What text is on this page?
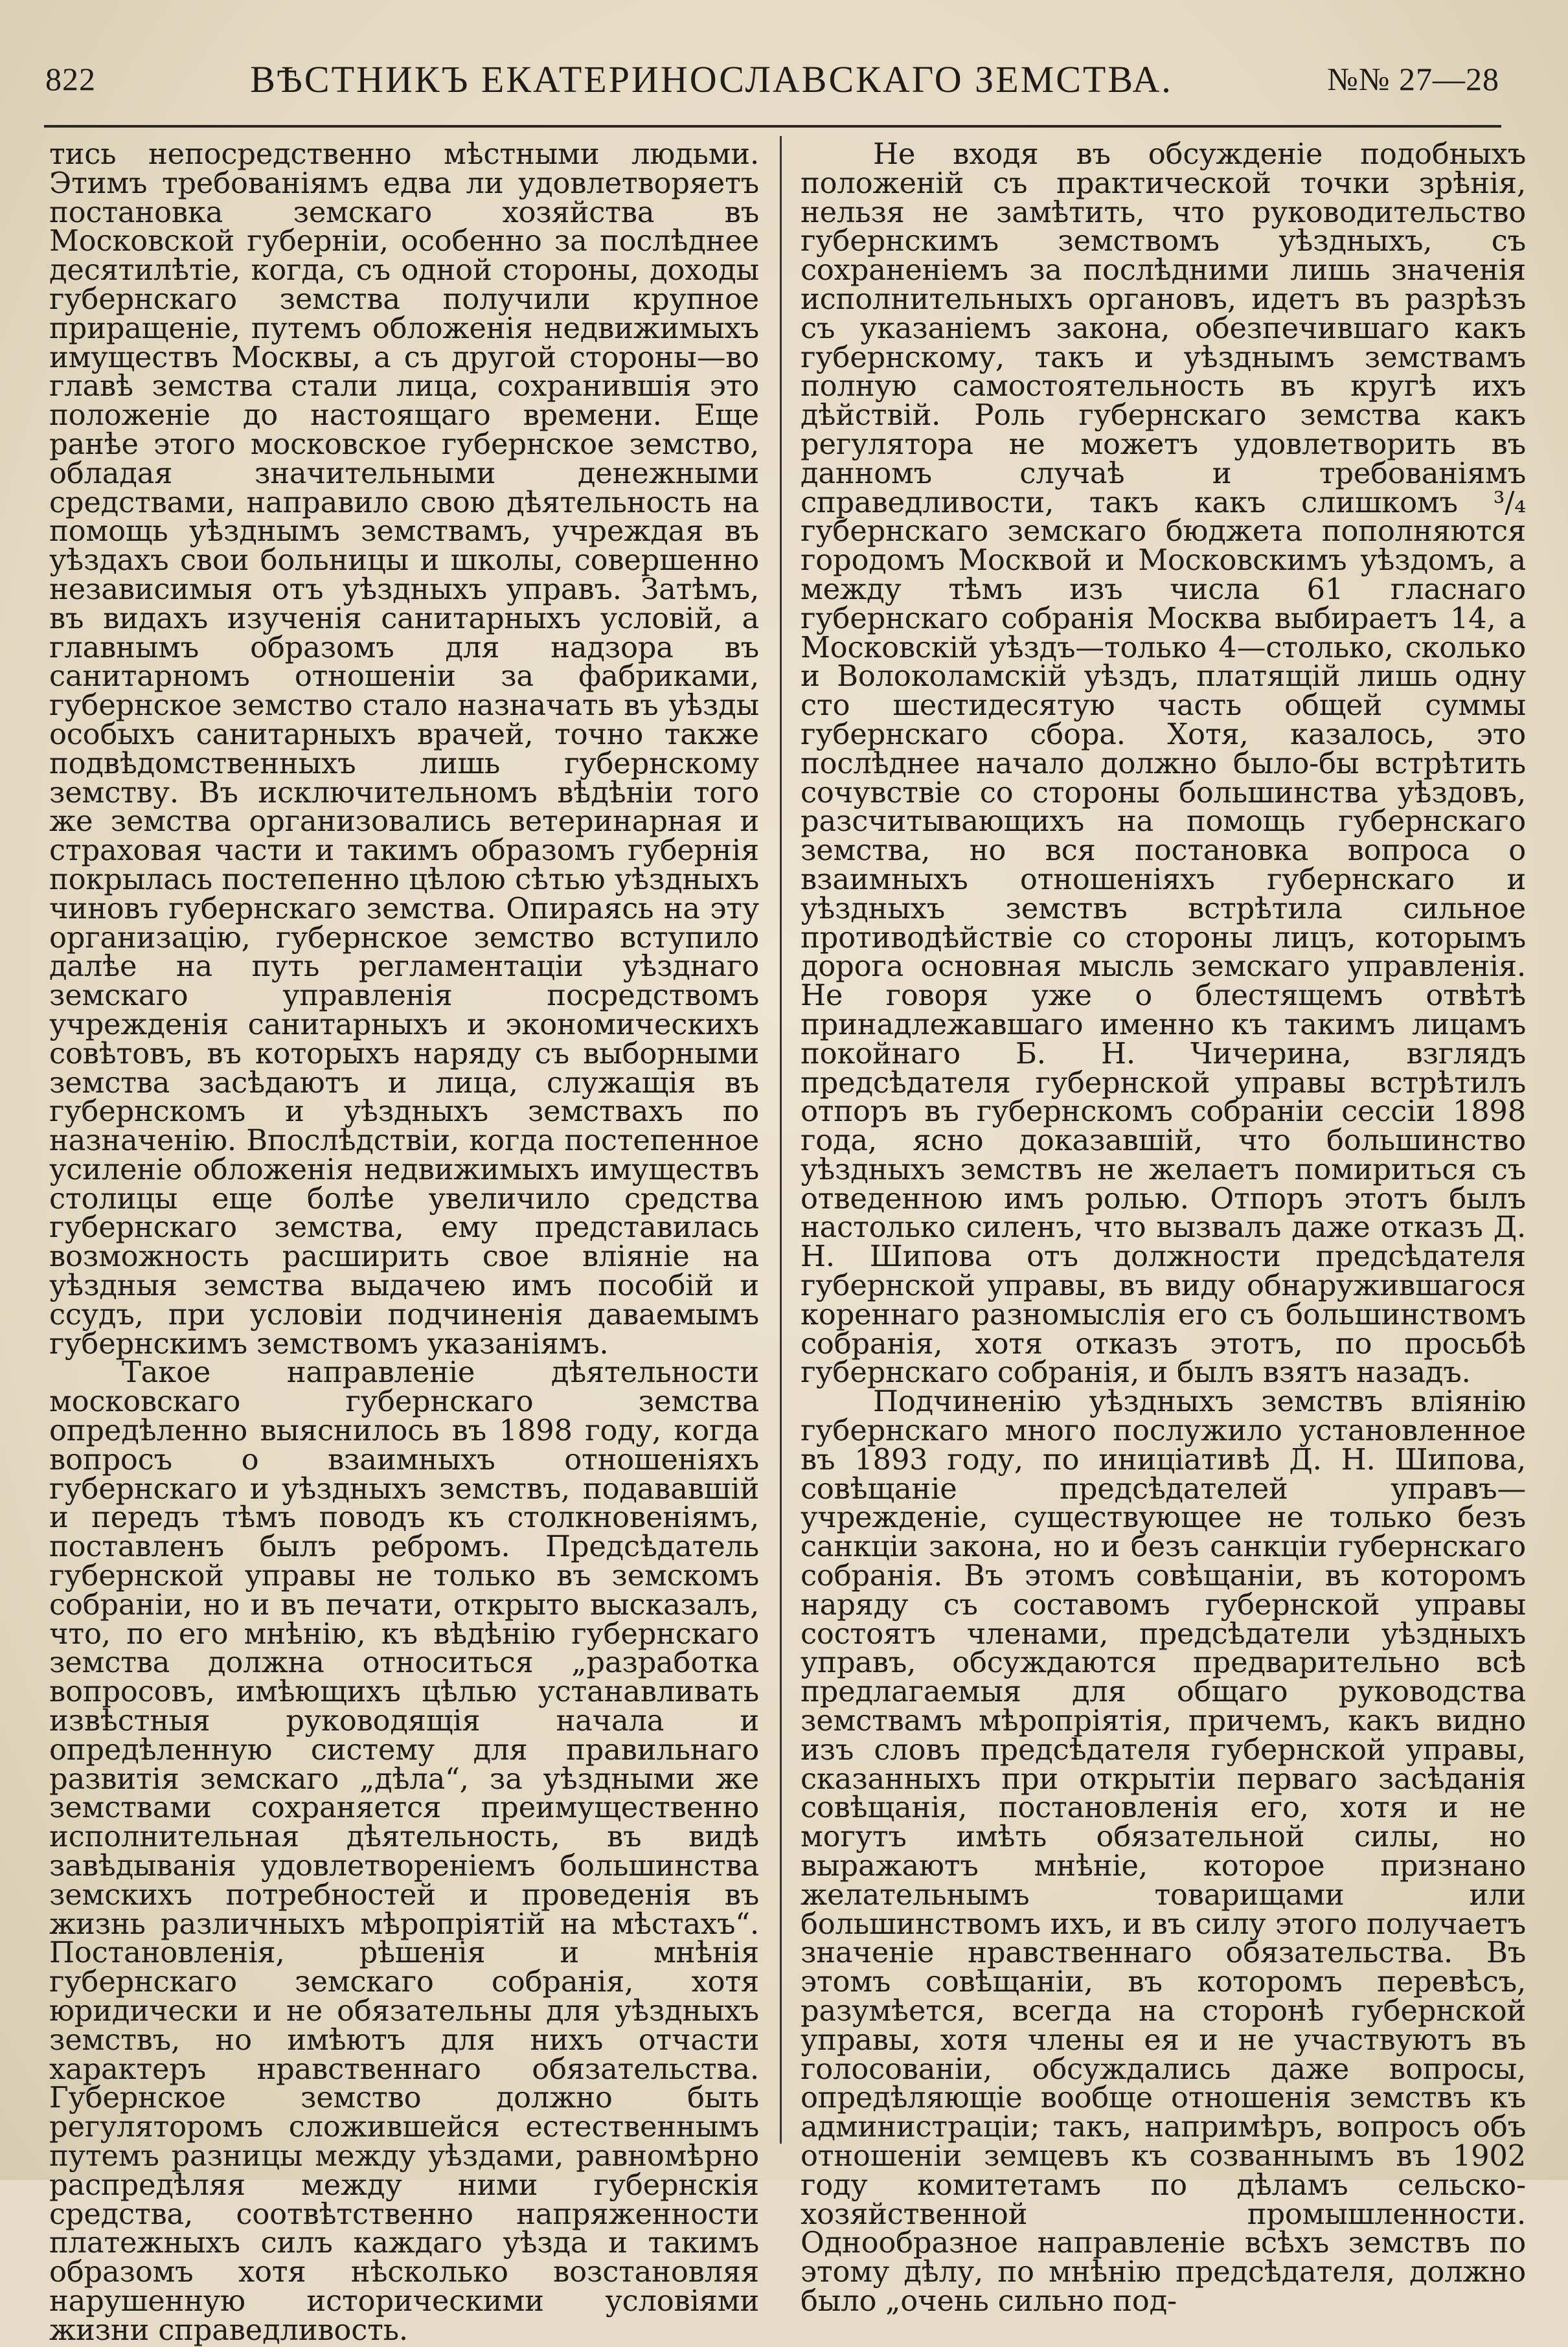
822	ВѢСТНИКЪ ЕКАТЕРИНОСЛАВСКАГО ЗЕМСТВА.	№№ 27—28

тись непосредственно мѣстными людьми. Этимъ требованіямъ едва ли удовлетворяетъ постановка земскаго хозяйства въ Московской губерніи, особенно за послѣднее десятилѣтіе, когда, съ одной стороны, доходы губернскаго земства получили крупное приращеніе, путемъ обложенія недвижимыхъ имуществъ Москвы, а съ другой стороны—во главѣ земства стали лица, сохранившія это положеніе до настоящаго времени. Еще ранѣе этого московское губернское земство, обладая значительными денежными средствами, направило свою дѣятельность на помощь уѣзднымъ земствамъ, учреждая въ уѣздахъ свои больницы и школы, совершенно независимыя отъ уѣздныхъ управъ. Затѣмъ, въ видахъ изученія санитарныхъ условій, а главнымъ образомъ для надзора въ санитарномъ отношеніи за фабриками, губернское земство стало назначать въ уѣзды особыхъ санитарныхъ врачей, точно также подвѣдомственныхъ лишь губернскому земству. Въ исключительномъ вѣдѣніи того же земства организовались ветеринарная и страховая части и такимъ образомъ губернія покрылась постепенно цѣлою сѣтью уѣздныхъ чиновъ губернскаго земства. Опираясь на эту организацію, губернское земство вступило далѣе на путь регламентаціи уѣзднаго земскаго управленія посредствомъ учрежденія санитарныхъ и экономическихъ совѣтовъ, въ которыхъ наряду съ выборными земства засѣдаютъ и лица, служащія въ губернскомъ и уѣздныхъ земствахъ по назначенію. Впослѣдствіи, когда постепенное усиленіе обложенія недвижимыхъ имуществъ столицы еще болѣе увеличило средства губернскаго земства, ему представилась возможность расширить свое вліяніе на уѣздныя земства выдачею имъ пособій и ссудъ, при условіи подчиненія даваемымъ губернскимъ земствомъ указаніямъ.

Такое направленіе дѣятельности московскаго губернскаго земства опредѣленно выяснилось въ 1898 году, когда вопросъ о взаимныхъ отношеніяхъ губернскаго и уѣздныхъ земствъ, подававшій и передъ тѣмъ поводъ къ столкновеніямъ, поставленъ былъ ребромъ. Предсѣдатель губернской управы не только въ земскомъ собраніи, но и въ печати, открыто высказалъ, что, по его мнѣнію, къ вѣдѣнію губернскаго земства должна относиться „разработка вопросовъ, имѣющихъ цѣлью устанавливать извѣстныя руководящія начала и опредѣленную систему для правильнаго развитія земскаго „дѣла“, за уѣздными же земствами сохраняется преимущественно исполнительная дѣятельность, въ видѣ завѣдыванія удовлетвореніемъ большинства земскихъ потребностей и проведенія въ жизнь различныхъ мѣропріятій на мѣстахъ“. Постановленія, рѣшенія и мнѣнія губернскаго земскаго собранія, хотя юридически и не обязательны для уѣздныхъ земствъ, но имѣютъ для нихъ отчасти характеръ нравственнаго обязательства. Губернское земство должно быть регуляторомъ сложившейся естественнымъ путемъ разницы между уѣздами, равномѣрно распредѣляя между ними губернскія средства, соотвѣтственно напряженности платежныхъ силъ каждаго уѣзда и такимъ образомъ хотя нѣсколько возстановляя нарушенную историческими условіями жизни справедливость.

Не входя въ обсужденіе подобныхъ положеній съ практической точки зрѣнія, нельзя не замѣтить, что руководительство губернскимъ земствомъ уѣздныхъ, съ сохраненіемъ за послѣдними лишь значенія исполнительныхъ органовъ, идетъ въ разрѣзъ съ указаніемъ закона, обезпечившаго какъ губернскому, такъ и уѣзднымъ земствамъ полную самостоятельность въ кругѣ ихъ дѣйствій. Роль губернскаго земства какъ регулятора не можетъ удовлетворить въ данномъ случаѣ и требованіямъ справедливости, такъ какъ слишкомъ ³/₄ губернскаго земскаго бюджета пополняются городомъ Москвой и Московскимъ уѣздомъ, а между тѣмъ изъ числа 61 гласнаго губернскаго собранія Москва выбираетъ 14, а Московскій уѣздъ—только 4—столько, сколько и Волоколамскій уѣздъ, платящій лишь одну сто шестидесятую часть общей суммы губернскаго сбора. Хотя, казалось, это послѣднее начало должно было-бы встрѣтить сочувствіе со стороны большинства уѣздовъ, разсчитывающихъ на помощь губернскаго земства, но вся постановка вопроса о взаимныхъ отношеніяхъ губернскаго и уѣздныхъ земствъ встрѣтила сильное противодѣйствіе со стороны лицъ, которымъ дорога основная мысль земскаго управленія. Не говоря уже о блестящемъ отвѣтѣ принадлежавшаго именно къ такимъ лицамъ покойнаго Б. Н. Чичерина, взглядъ предсѣдателя губернской управы встрѣтилъ отпоръ въ губернскомъ собраніи сессіи 1898 года, ясно доказавшій, что большинство уѣздныхъ земствъ не желаетъ помириться съ отведенною имъ ролью. Отпоръ этотъ былъ настолько силенъ, что вызвалъ даже отказъ Д. Н. Шипова отъ должности предсѣдателя губернской управы, въ виду обнаружившагося кореннаго разномыслія его съ большинствомъ собранія, хотя отказъ этотъ, по просьбѣ губернскаго собранія, и былъ взятъ назадъ.

Подчиненію уѣздныхъ земствъ вліянію губернскаго много послужило установленное въ 1893 году, по иниціативѣ Д. Н. Шипова, совѣщаніе предсѣдателей управъ—учрежденіе, существующее не только безъ санкціи закона, но и безъ санкціи губернскаго собранія. Въ этомъ совѣщаніи, въ которомъ наряду съ составомъ губернской управы состоятъ членами, предсѣдатели уѣздныхъ управъ, обсуждаются предварительно всѣ предлагаемыя для общаго руководства земствамъ мѣропріятія, причемъ, какъ видно изъ словъ предсѣдателя губернской управы, сказанныхъ при открытіи перваго засѣданія совѣщанія, постановленія его, хотя и не могутъ имѣть обязательной силы, но выражаютъ мнѣніе, которое признано желательнымъ товарищами или большинствомъ ихъ, и въ силу этого получаетъ значеніе нравственнаго обязательства. Въ этомъ совѣщаніи, въ которомъ перевѣсъ, разумѣется, всегда на сторонѣ губернской управы, хотя члены ея и не участвуютъ въ голосованіи, обсуждались даже вопросы, опредѣляющіе вообще отношенія земствъ къ администраціи; такъ, напримѣръ, вопросъ объ отношеніи земцевъ къ созваннымъ въ 1902 году комитетамъ по дѣламъ сельско-хозяйственной промышленности. Однообразное направленіе всѣхъ земствъ по этому дѣлу, по мнѣнію предсѣдателя, должно было „очень сильно под-
